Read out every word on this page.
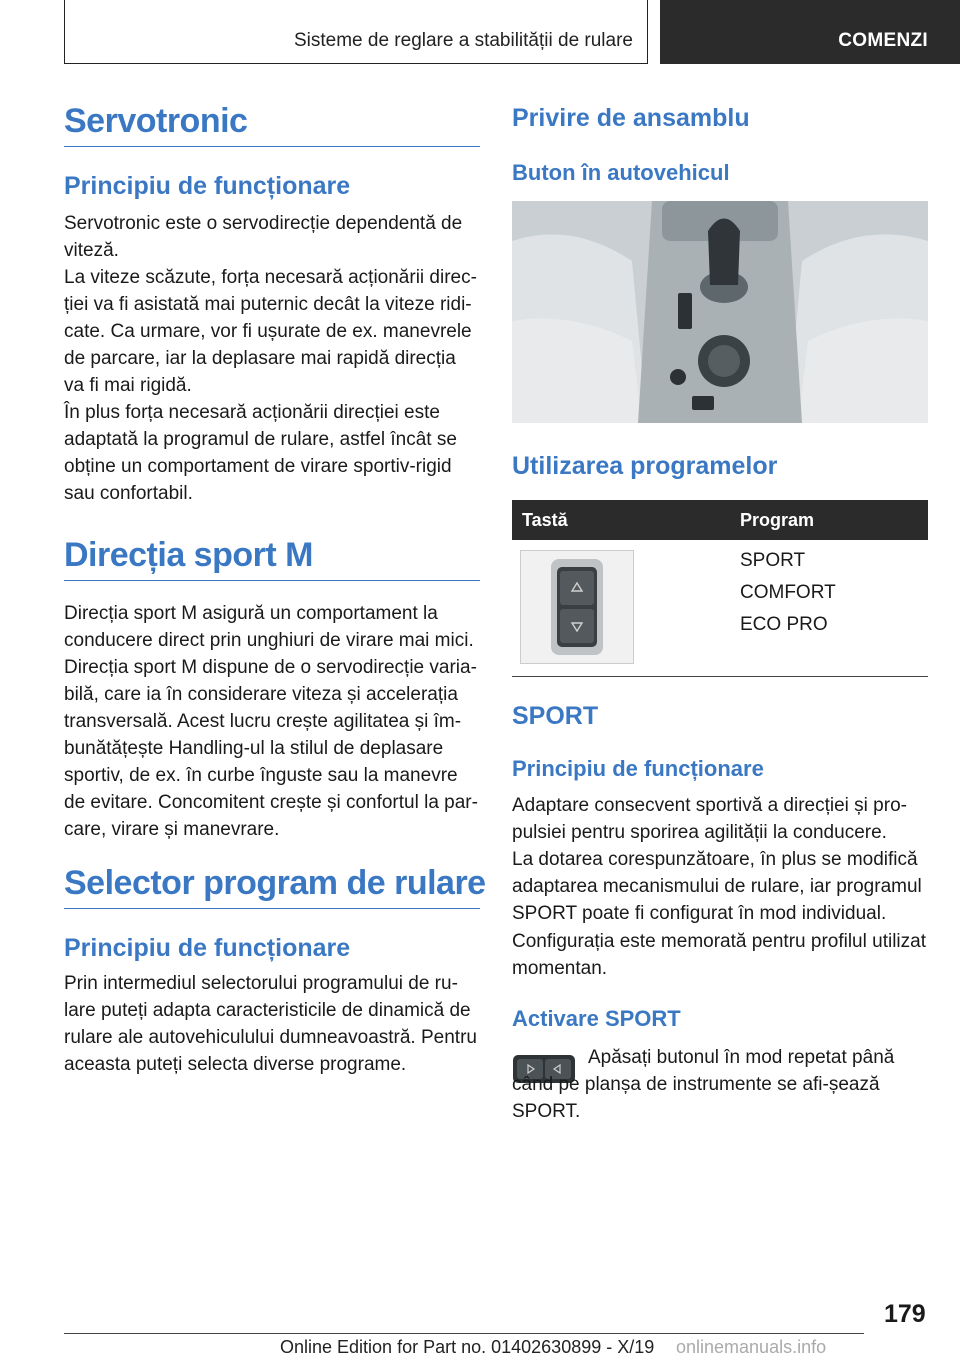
Sisteme de reglare a stabilității de rulare	COMENZI
Servotronic
Principiu de funcționare

Servotronic este o servodirecție dependentă de viteză.

La viteze scăzute, forța necesară acționării direc-ției va fi asistată mai puternic decât la viteze ridi-cate. Ca urmare, vor fi ușurate de ex. manevrele de parcare, iar la deplasare mai rapidă direcția va fi mai rigidă.

În plus forța necesară acționării direcției este adaptată la programul de rulare, astfel încât se obține un comportament de virare sportiv-rigid sau confortabil.

Direcția sport M

Direcția sport M asigură un comportament la conducere direct prin unghiuri de virare mai mici. Direcția sport M dispune de o servodirecție varia-bilă, care ia în considerare viteza și accelerația transversală. Acest lucru crește agilitatea și îm-bunătățește Handling-ul la stilul de deplasare sportiv, de ex. în curbe înguste sau la manevre de evitare. Concomitent crește și confortul la par-care, virare și manevrare.

Selector program de rulare
Principiu de funcționare

Prin intermediul selectorului programului de ru-lare puteți adapta caracteristicile de dinamică de rulare ale autovehiculului dumneavoastră. Pentru aceasta puteți selecta diverse programe.

Privire de ansamblu
Buton în autovehicul
Utilizarea programelor
Tastă	Program
SPORT
COMFORT
ECO PRO
SPORT
Principiu de funcționare

Adaptare consecvent sportivă a direcției și pro-pulsiei pentru sporirea agilității la conducere.

La dotarea corespunzătoare, în plus se modifică adaptarea mecanismului de rulare, iar programul SPORT poate fi configurat în mod individual.

Configurația este memorată pentru profilul utilizat momentan.

Activare SPORT

Apăsați butonul în mod repetat până când pe planșa de instrumente se afi-șează SPORT.

179
Online Edition for Part no. 01402630899 - X/19 onlinemanuals.info
